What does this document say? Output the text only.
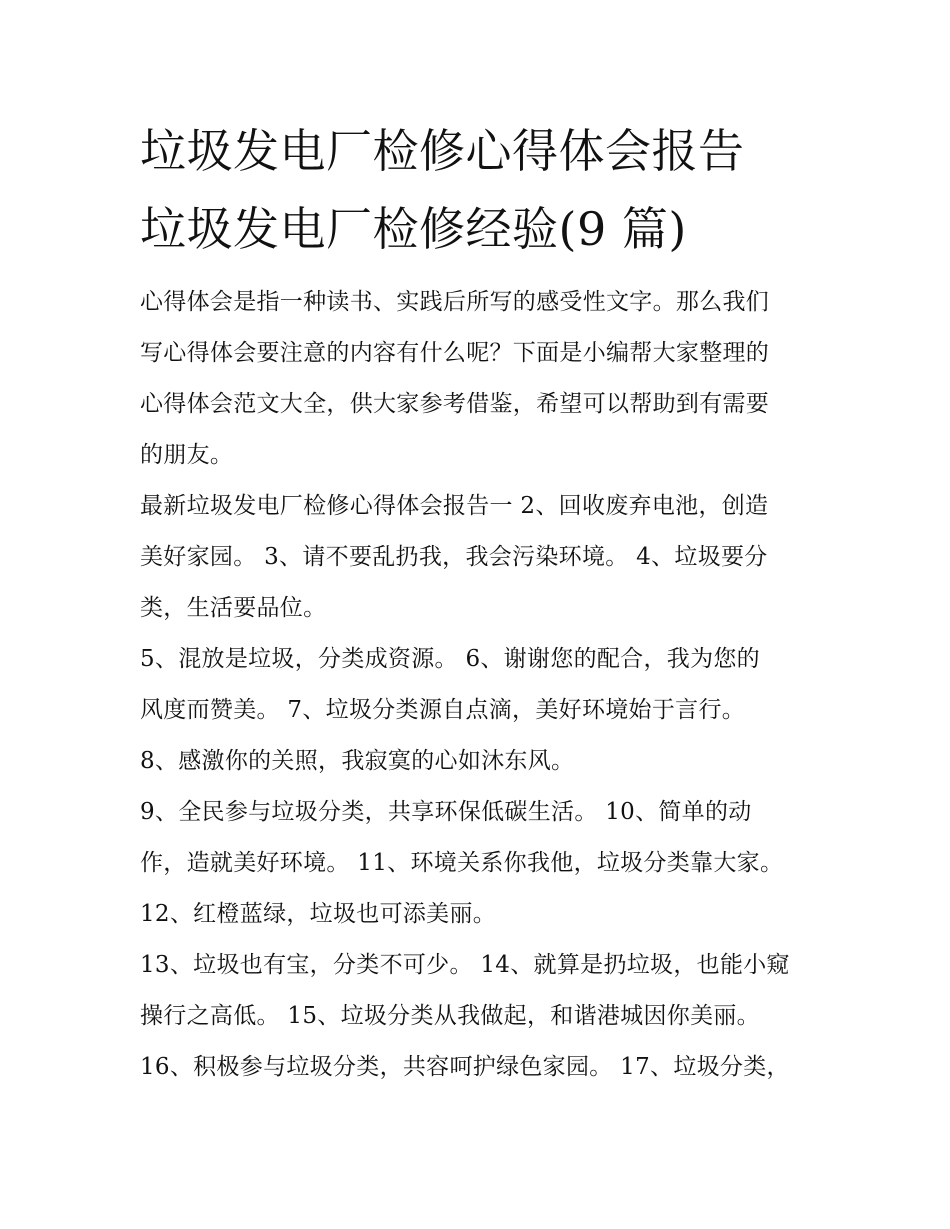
垃圾发电厂检修心得体会报告
垃圾发电厂检修经验(9 篇)
心得体会是指一种读书、实践后所写的感受性文字。那么我们
写心得体会要注意的内容有什么呢？下面是小编帮大家整理的
心得体会范文大全，供大家参考借鉴，希望可以帮助到有需要
的朋友。
最新垃圾发电厂检修心得体会报告一 2、回收废弃电池，创造
美好家园。 3、请不要乱扔我，我会污染环境。 4、垃圾要分
类，生活要品位。
5、混放是垃圾，分类成资源。 6、谢谢您的配合，我为您的
风度而赞美。 7、垃圾分类源自点滴，美好环境始于言行。
8、感激你的关照，我寂寞的心如沐东风。
9、全民参与垃圾分类，共享环保低碳生活。 10、简单的动
作，造就美好环境。 11、环境关系你我他，垃圾分类靠大家。
12、红橙蓝绿，垃圾也可添美丽。
13、垃圾也有宝，分类不可少。 14、就算是扔垃圾，也能小窥
操行之高低。 15、垃圾分类从我做起，和谐港城因你美丽。
16、积极参与垃圾分类，共容呵护绿色家园。 17、垃圾分类，
